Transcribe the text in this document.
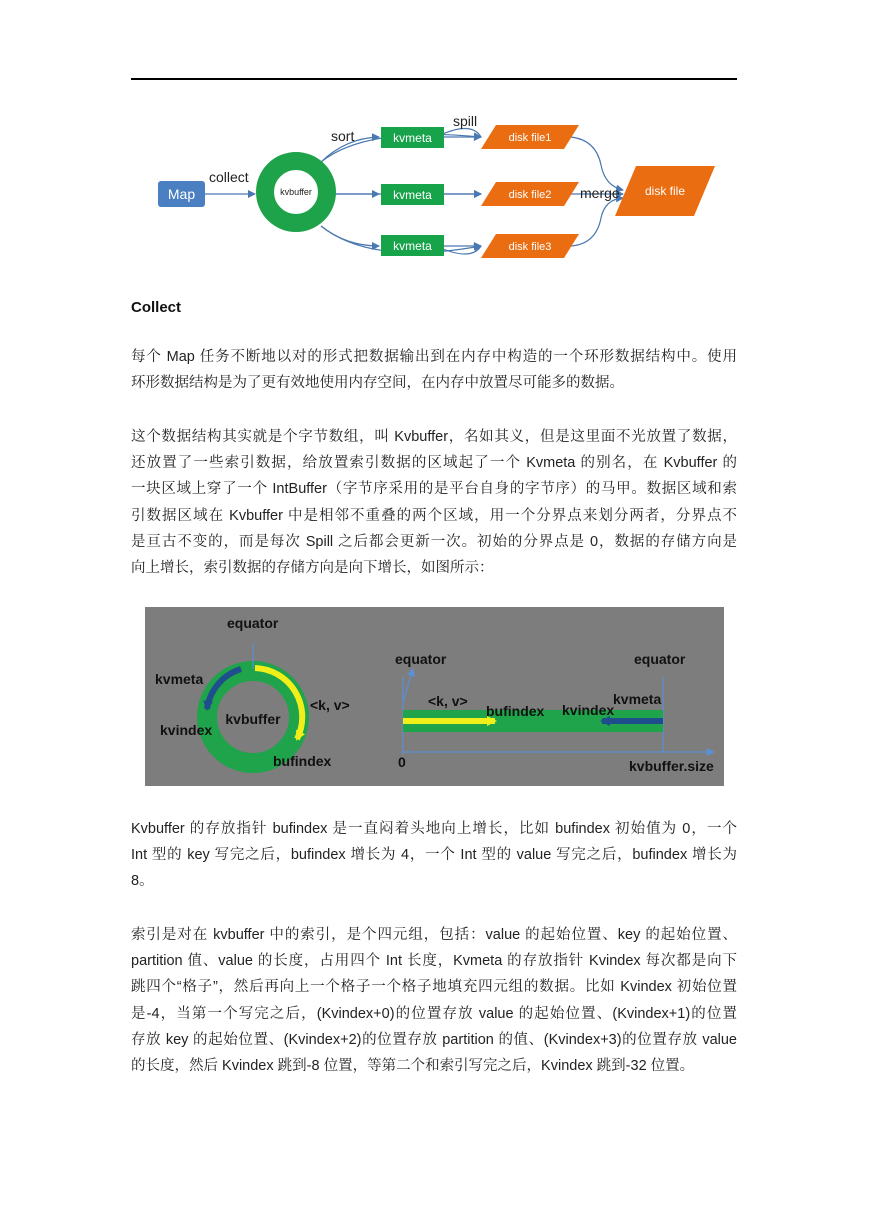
Map
collect
kvbuffer
sort
spill
kvmeta
kvmeta
kvmeta
disk file1
disk file2
disk file3
merge disk file
Collect
每个 Map 任务不断地以对的形式把数据输出到在内存中构造的一个环形数据结构中。使用
环形数据结构是为了更有效地使用内存空间，在内存中放置尽可能多的数据。
这个数据结构其实就是个字节数组，叫 Kvbuffer，名如其义，但是这里面不光放置了数据，
还放置了一些索引数据，给放置索引数据的区域起了一个 Kvmeta 的别名，在 Kvbuffer 的
一块区域上穿了一个 IntBuffer（字节序采用的是平台自身的字节序）的马甲。数据区域和索
引数据区域在 Kvbuffer 中是相邻不重叠的两个区域，用一个分界点来划分两者，分界点不
是亘古不变的，而是每次 Spill 之后都会更新一次。初始的分界点是 0，数据的存储方向是
向上增长，索引数据的存储方向是向下增长，如图所示：
equator
kvmeta
kvindex
<k, v>
kvbuffer
bufindex
equator	equator
<k, v>
bufindex kvindex
kvmeta
0	kvbuffer.size
Kvbuffer 的存放指针 bufindex 是一直闷着头地向上增长，比如 bufindex 初始值为 0，一个
Int 型的 key 写完之后，bufindex 增长为 4，一个 Int 型的 value 写完之后，bufindex 增长为
8。
索引是对在 kvbuffer 中的索引，是个四元组，包括：value 的起始位置、key 的起始位置、
partition 值、value 的长度，占用四个 Int 长度，Kvmeta 的存放指针 Kvindex 每次都是向下
跳四个“格子”，然后再向上一个格子一个格子地填充四元组的数据。比如 Kvindex 初始位置
是-4，当第一个写完之后，(Kvindex+0)的位置存放 value 的起始位置、(Kvindex+1)的位置
存放 key 的起始位置、(Kvindex+2)的位置存放 partition 的值、(Kvindex+3)的位置存放 value
的长度，然后 Kvindex 跳到-8 位置，等第二个和索引写完之后，Kvindex 跳到-32 位置。
